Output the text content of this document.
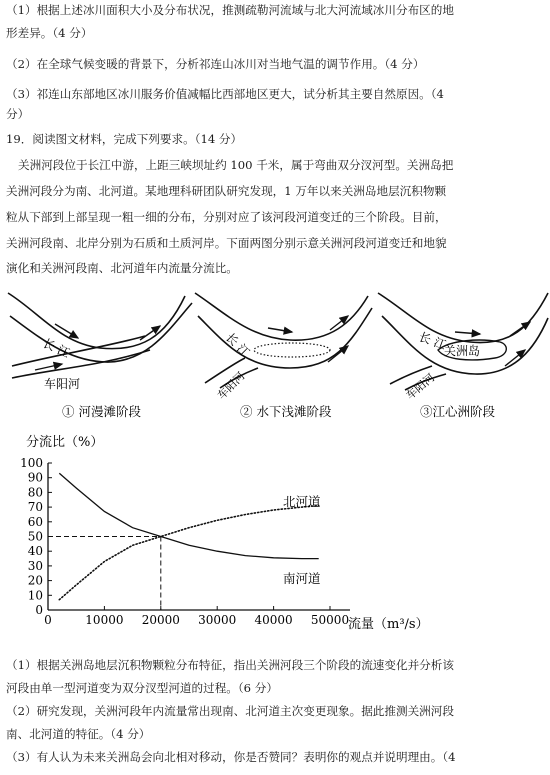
（1）根据上述冰川面积大小及分布状况，推测疏勒河流域与北大河流域冰川分布区的地
形差异。（4 分）
（2）在全球气候变暖的背景下，分析祁连山冰川对当地气温的调节作用。（4 分）
（3）祁连山东部地区冰川服务价值减幅比西部地区更大，试分析其主要自然原因。（4
分）
19．阅读图文材料，完成下列要求。（14 分）
关洲河段位于长江中游，上距三峡坝址约 100 千米，属于弯曲双分汊河型。关洲岛把
关洲河段分为南、北河道。某地理科研团队研究发现，1 万年以来关洲岛地层沉积物颗
粒从下部到上部呈现一粗一细的分布，分别对应了该河段河道变迁的三个阶段。目前，
关洲河段南、北岸分别为石质和土质河岸。下面两图分别示意关洲河段河道变迁和地貌
演化和关洲河段南、北河道年内流量分流比。
长 江
车阳河
① 河漫滩阶段
长 江
车阳河
② 水下浅滩阶段
长 江
关洲岛
车阳河
③江心洲阶段
分流比（%）
流量（m³/s）
0
10
20
30
40
50
60
70
80
90
100
0	10000 20000 30000 40000 50000
北河道
南河道
（1）根据关洲岛地层沉积物颗粒分布特征，指出关洲河段三个阶段的流速变化并分析该
河段由单一型河道变为双分汊型河道的过程。（6 分）
（2）研究发现，关洲河段年内流量常出现南、北河道主次变更现象。据此推测关洲河段
南、北河道的特征。（4 分）
（3）有人认为未来关洲岛会向北相对移动，你是否赞同？表明你的观点并说明理由。（4
